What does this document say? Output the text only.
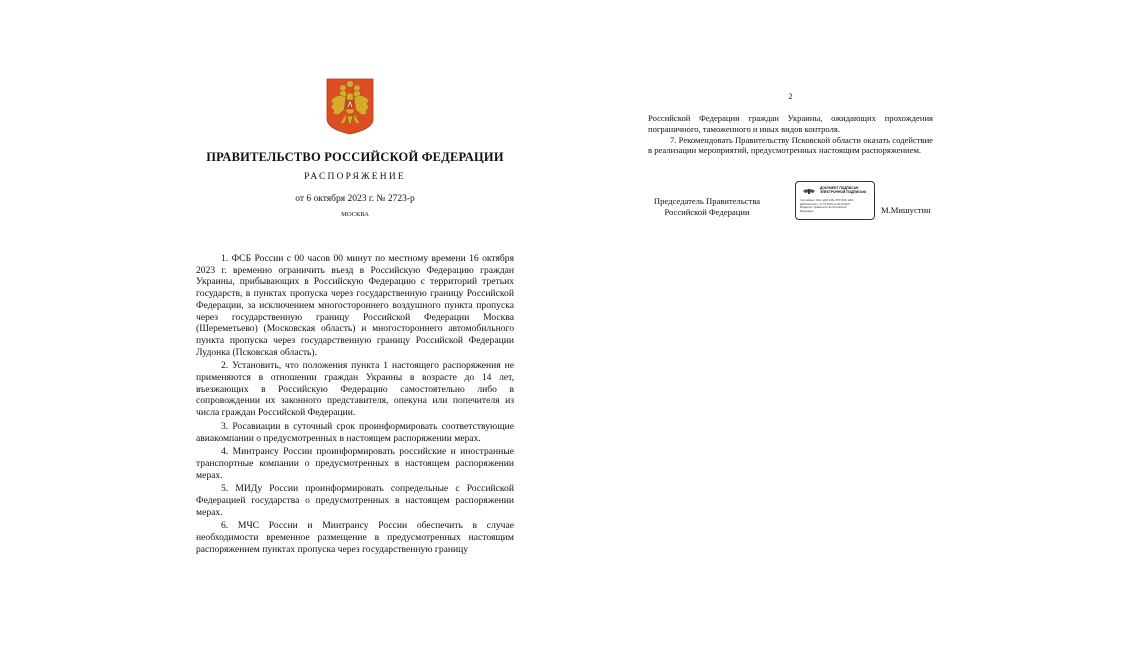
ПРАВИТЕЛЬСТВО РОССИЙСКОЙ ФЕДЕРАЦИИ
РАСПОРЯЖЕНИЕ
от 6 октября 2023 г. № 2723-р
МОСКВА

1. ФСБ России с 00 часов 00 минут по местному времени 16 октября 2023 г. временно ограничить въезд в Российскую Федерацию граждан Украины, прибывающих в Российскую Федерацию с территорий третьих государств, в пунктах пропуска через государственную границу Российской Федерации, за исключением многостороннего воздушного пункта пропуска через государственную границу Российской Федерации Москва (Шереметьево) (Московская область) и многостороннего автомобильного пункта пропуска через государственную границу Российской Федерации Лудонка (Псковская область).

2. Установить, что положения пункта 1 настоящего распоряжения не применяются в отношении граждан Украины в возрасте до 14 лет, въезжающих в Российскую Федерацию самостоятельно либо в сопровождении их законного представителя, опекуна или попечителя из числа граждан Российской Федерации.

3. Росавиации в суточный срок проинформировать соответствующие авиакомпании о предусмотренных в настоящем распоряжении мерах.

4. Минтрансу России проинформировать российские и иностранные транспортные компании о предусмотренных в настоящем распоряжении мерах.

5. МИДу России проинформировать сопредельные с Российской Федерацией государства о предусмотренных в настоящем распоряжении мерах.

6. МЧС России и Минтрансу России обеспечить в случае необходимости временное размещение в предусмотренных настоящим распоряжением пунктах пропуска через государственную границу

2

Российской Федерации граждан Украины, ожидающих прохождения пограничного, таможенного и иных видов контроля.

7. Рекомендовать Правительству Псковской области оказать содействие в реализации мероприятий, предусмотренных настоящим распоряжением.

Председатель Правительства
Российской Федерации
ДОКУМЕНТ ПОДПИСАН
ЭЛЕКТРОННОЙ ПОДПИСЬЮ
Сертификат: 00c1 a2b3 4d5e 6f70 8192 a3b4
Действителен с 17.07.2023 по 09.10.2024
Владелец: Правительство Российской
Федерации	М.Мишустин
